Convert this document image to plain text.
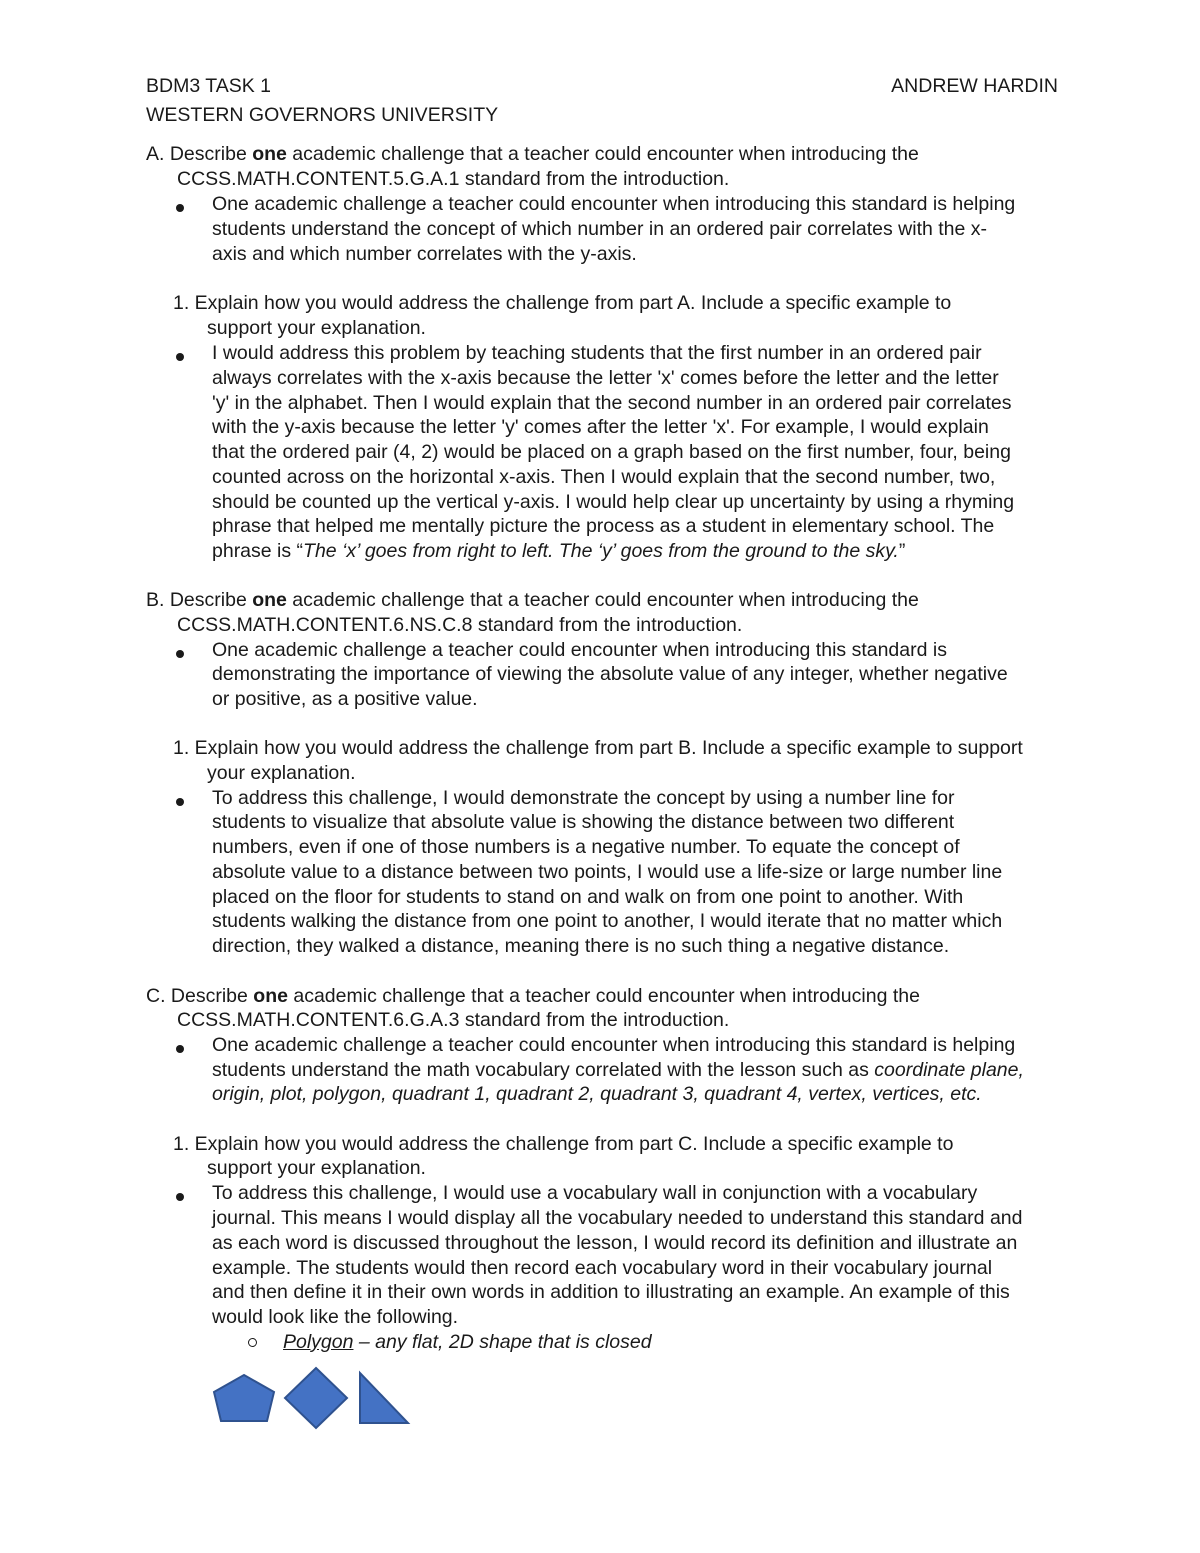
BDM3 TASK 1	ANDREW HARDIN
WESTERN GOVERNORS UNIVERSITY
A. Describe one academic challenge that a teacher could encounter when introducing the
CCSS.MATH.CONTENT.5.G.A.1 standard from the introduction.
One academic challenge a teacher could encounter when introducing this standard is helping
students understand the concept of which number in an ordered pair correlates with the x-
axis and which number correlates with the y-axis.
1. Explain how you would address the challenge from part A. Include a specific example to
support your explanation.
I would address this problem by teaching students that the first number in an ordered pair
always correlates with the x-axis because the letter 'x' comes before the letter and the letter
'y' in the alphabet. Then I would explain that the second number in an ordered pair correlates
with the y-axis because the letter 'y' comes after the letter 'x'. For example, I would explain
that the ordered pair (4, 2) would be placed on a graph based on the first number, four, being
counted across on the horizontal x-axis. Then I would explain that the second number, two,
should be counted up the vertical y-axis. I would help clear up uncertainty by using a rhyming
phrase that helped me mentally picture the process as a student in elementary school. The
phrase is “The ‘x’ goes from right to left. The ‘y’ goes from the ground to the sky.”
B. Describe one academic challenge that a teacher could encounter when introducing the
CCSS.MATH.CONTENT.6.NS.C.8 standard from the introduction.
One academic challenge a teacher could encounter when introducing this standard is
demonstrating the importance of viewing the absolute value of any integer, whether negative
or positive, as a positive value.
1. Explain how you would address the challenge from part B. Include a specific example to support
your explanation.
To address this challenge, I would demonstrate the concept by using a number line for
students to visualize that absolute value is showing the distance between two different
numbers, even if one of those numbers is a negative number. To equate the concept of
absolute value to a distance between two points, I would use a life-size or large number line
placed on the floor for students to stand on and walk on from one point to another. With
students walking the distance from one point to another, I would iterate that no matter which
direction, they walked a distance, meaning there is no such thing a negative distance.
C. Describe one academic challenge that a teacher could encounter when introducing the
CCSS.MATH.CONTENT.6.G.A.3 standard from the introduction.
One academic challenge a teacher could encounter when introducing this standard is helping
students understand the math vocabulary correlated with the lesson such as coordinate plane,
origin, plot, polygon, quadrant 1, quadrant 2, quadrant 3, quadrant 4, vertex, vertices, etc.
1. Explain how you would address the challenge from part C. Include a specific example to
support your explanation.
To address this challenge, I would use a vocabulary wall in conjunction with a vocabulary
journal. This means I would display all the vocabulary needed to understand this standard and
as each word is discussed throughout the lesson, I would record its definition and illustrate an
example. The students would then record each vocabulary word in their vocabulary journal
and then define it in their own words in addition to illustrating an example. An example of this
would look like the following.
Polygon – any flat, 2D shape that is closed
